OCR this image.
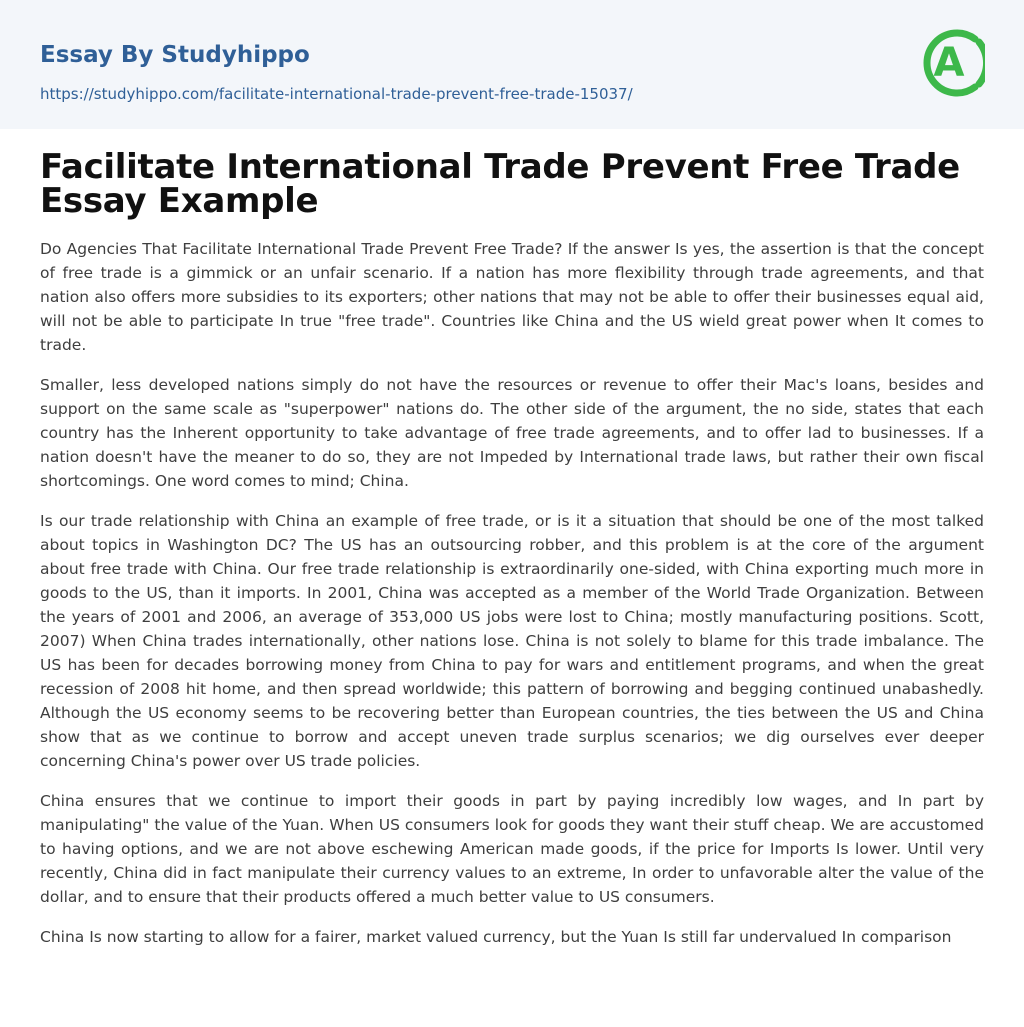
Essay By Studyhippo
https://studyhippo.com/facilitate-international-trade-prevent-free-trade-15037/
A
Facilitate International Trade Prevent Free Trade Essay Example

Do Agencies That Facilitate International Trade Prevent Free Trade? If the answer Is yes, the assertion is that the concept of free trade is a gimmick or an unfair scenario. If a nation has more flexibility through trade agreements, and that nation also offers more subsidies to its exporters; other nations that may not be able to offer their businesses equal aid, will not be able to participate In true "free trade". Countries like China and the US wield great power when It comes to trade.

Smaller, less developed nations simply do not have the resources or revenue to offer their Mac's loans, besides and support on the same scale as "superpower" nations do. The other side of the argument, the no side, states that each country has the Inherent opportunity to take advantage of free trade agreements, and to offer lad to businesses. If a nation doesn't have the meaner to do so, they are not Impeded by International trade laws, but rather their own fiscal shortcomings. One word comes to mind; China.

Is our trade relationship with China an example of free trade, or is it a situation that should be one of the most talked about topics in Washington DC? The US has an outsourcing robber, and this problem is at the core of the argument about free trade with China. Our free trade relationship is extraordinarily one-sided, with China exporting much more in goods to the US, than it imports. In 2001, China was accepted as a member of the World Trade Organization. Between the years of 2001 and 2006, an average of 353,000 US jobs were lost to China; mostly manufacturing positions. Scott, 2007) When China trades internationally, other nations lose. China is not solely to blame for this trade imbalance. The US has been for decades borrowing money from China to pay for wars and entitlement programs, and when the great recession of 2008 hit home, and then spread worldwide; this pattern of borrowing and begging continued unabashedly. Although the US economy seems to be recovering better than European countries, the ties between the US and China show that as we continue to borrow and accept uneven trade surplus scenarios; we dig ourselves ever deeper concerning China's power over US trade policies.

China ensures that we continue to import their goods in part by paying incredibly low wages, and In part by manipulating" the value of the Yuan. When US consumers look for goods they want their stuff cheap. We are accustomed to having options, and we are not above eschewing American made goods, if the price for Imports Is lower. Until very recently, China did in fact manipulate their currency values to an extreme, In order to unfavorable alter the value of the dollar, and to ensure that their products offered a much better value to US consumers.

China Is now starting to allow for a fairer, market valued currency, but the Yuan Is still far undervalued In comparison
